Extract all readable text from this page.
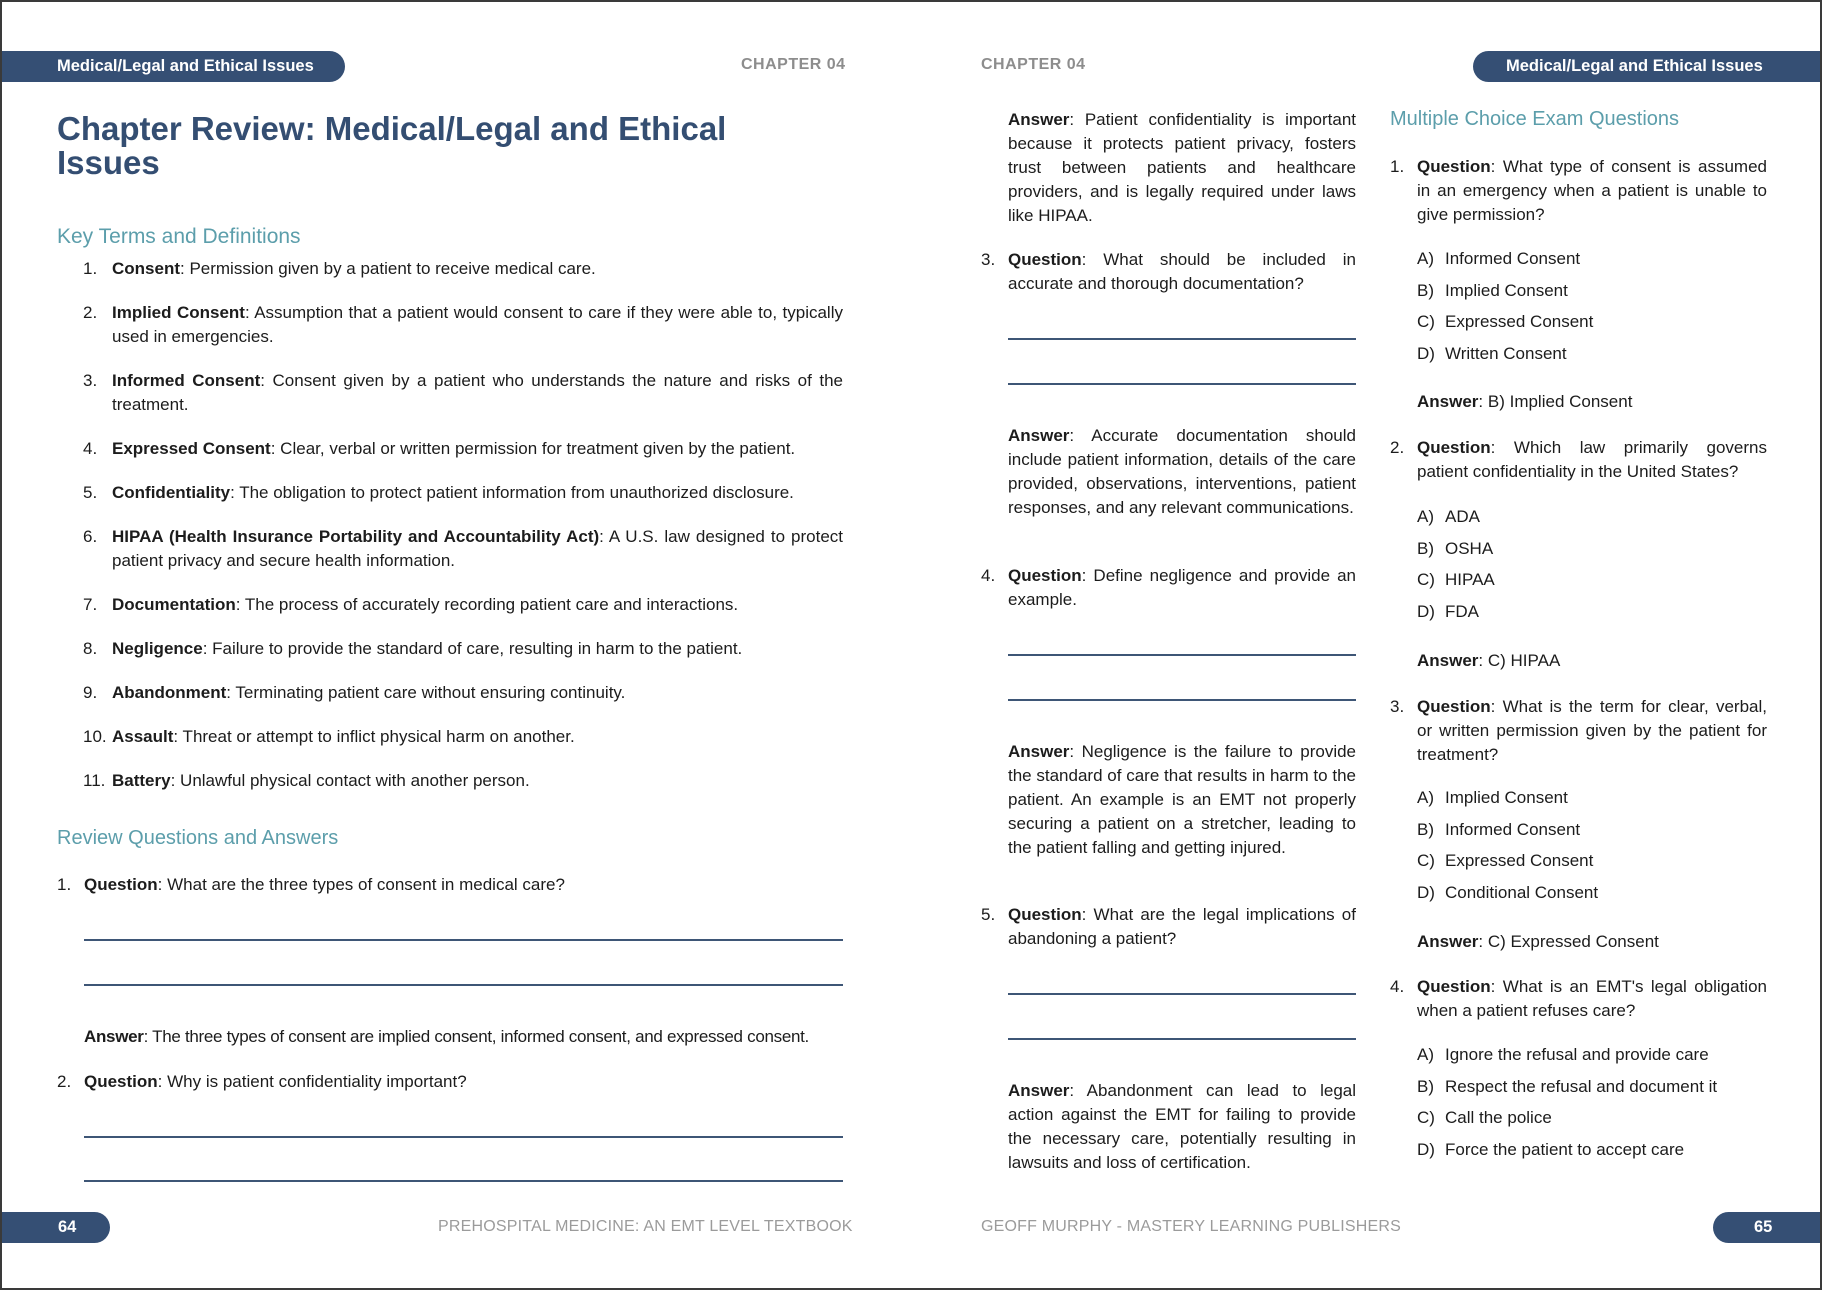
Medical/Legal and Ethical Issues	CHAPTER 04
Chapter Review: Medical/Legal and Ethical Issues
Key Terms and Definitions
1. Consent: Permission given by a patient to receive medical care.
2. Implied Consent: Assumption that a patient would consent to care if they were able to, typically used in emergencies.
3. Informed Consent: Consent given by a patient who understands the nature and risks of the treatment.
4. Expressed Consent: Clear, verbal or written permission for treatment given by the patient.
5. Confidentiality: The obligation to protect patient information from unauthorized disclosure.
6. HIPAA (Health Insurance Portability and Accountability Act): A U.S. law designed to protect patient privacy and secure health information.
7. Documentation: The process of accurately recording patient care and interactions.
8. Negligence: Failure to provide the standard of care, resulting in harm to the patient.
9. Abandonment: Terminating patient care without ensuring continuity.
10. Assault: Threat or attempt to inflict physical harm on another.
11. Battery: Unlawful physical contact with another person.
Review Questions and Answers
1. Question: What are the three types of consent in medical care?
Answer: The three types of consent are implied consent, informed consent, and expressed consent.
2. Question: Why is patient confidentiality important?
64	PREHOSPITAL MEDICINE: AN EMT LEVEL TEXTBOOK
CHAPTER 04	Medical/Legal and Ethical Issues
Answer: Patient confidentiality is important because it protects patient privacy, fosters trust between patients and healthcare providers, and is legally required under laws like HIPAA.
3. Question: What should be included in accurate and thorough documentation?
Answer: Accurate documentation should include patient information, details of the care provided, observations, interventions, patient responses, and any relevant communications.
4. Question: Define negligence and provide an example.
Answer: Negligence is the failure to provide the standard of care that results in harm to the patient. An example is an EMT not properly securing a patient on a stretcher, leading to the patient falling and getting injured.
5. Question: What are the legal implications of abandoning a patient?
Answer: Abandonment can lead to legal action against the EMT for failing to provide the necessary care, potentially resulting in lawsuits and loss of certification.
Multiple Choice Exam Questions
1. Question: What type of consent is assumed in an emergency when a patient is unable to give permission?
A) Informed Consent
B) Implied Consent
C) Expressed Consent
D) Written Consent
Answer: B) Implied Consent
2. Question: Which law primarily governs patient confidentiality in the United States?
A) ADA
B) OSHA
C) HIPAA
D) FDA
Answer: C) HIPAA
3. Question: What is the term for clear, verbal, or written permission given by the patient for treatment?
A) Implied Consent
B) Informed Consent
C) Expressed Consent
D) Conditional Consent
Answer: C) Expressed Consent
4. Question: What is an EMT's legal obligation when a patient refuses care?
A) Ignore the refusal and provide care
B) Respect the refusal and document it
C) Call the police
D) Force the patient to accept care
GEOFF MURPHY - MASTERY LEARNING PUBLISHERS	65
